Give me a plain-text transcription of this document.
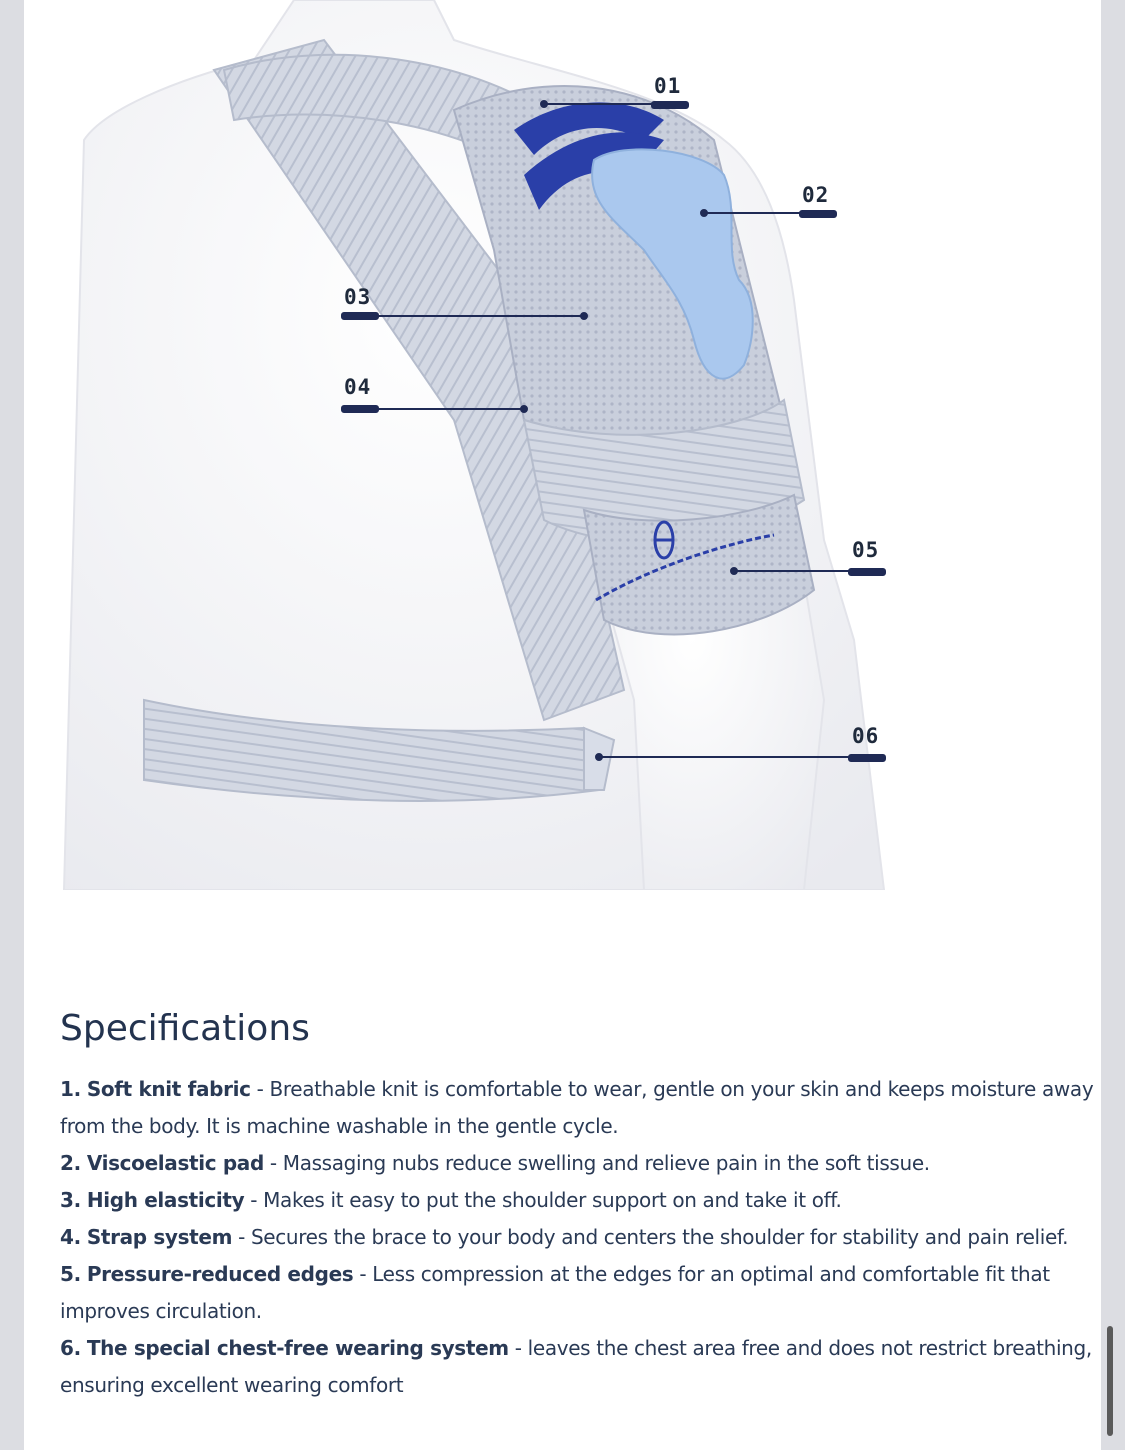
01
02
03
04
05
06
Specifications

1. Soft knit fabric - Breathable knit is comfortable to wear, gentle on your skin and keeps moisture away from the body. It is machine washable in the gentle cycle.

2. Viscoelastic pad - Massaging nubs reduce swelling and relieve pain in the soft tissue.

3. High elasticity - Makes it easy to put the shoulder support on and take it off.

4. Strap system - Secures the brace to your body and centers the shoulder for stability and pain relief.

5. Pressure-reduced edges - Less compression at the edges for an optimal and comfortable fit that improves circulation.

6. The special chest-free wearing system - leaves the chest area free and does not restrict breathing, ensuring excellent wearing comfort
